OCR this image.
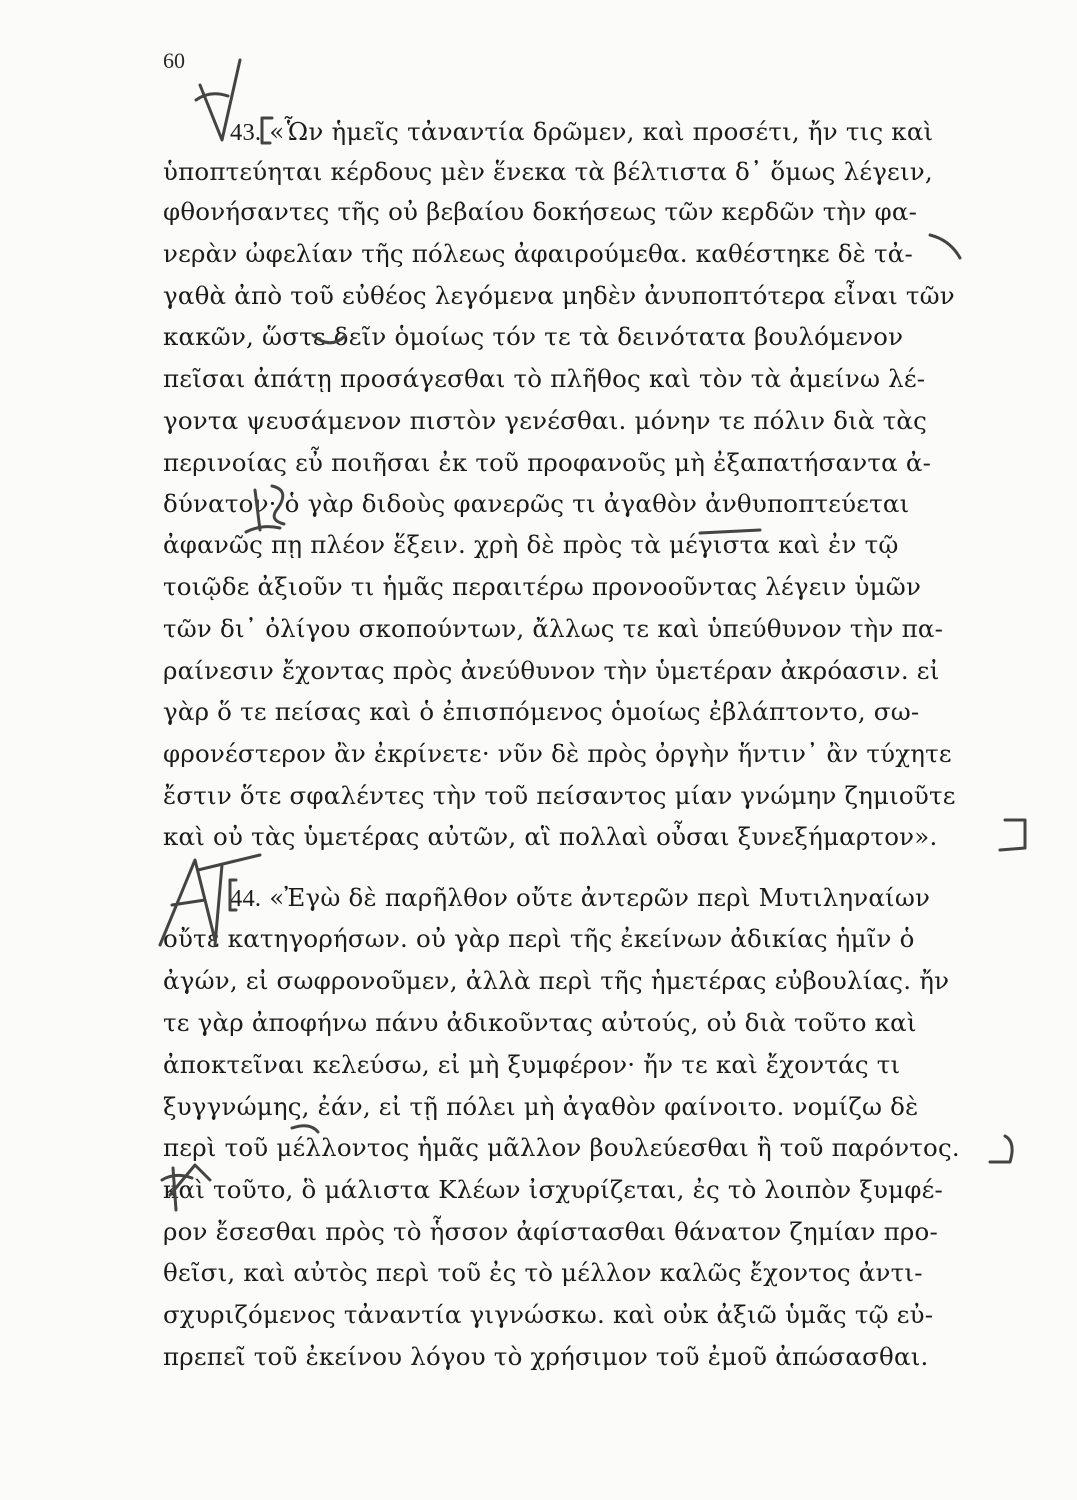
60
43. «Ὧν ἡμεῖς τἀναντία δρῶμεν, καὶ προσέτι, ἤν τις καὶ
ὑποπτεύηται κέρδους μὲν ἕνεκα τὰ βέλτιστα δ᾽ ὅμως λέγειν,
φθονήσαντες τῆς οὐ βεβαίου δοκήσεως τῶν κερδῶν τὴν φα-
νερὰν ὠφελίαν τῆς πόλεως ἀφαιρούμεθα. καθέστηκε δὲ τἀ-
γαθὰ ἀπὸ τοῦ εὐθέος λεγόμενα μηδὲν ἀνυποπτότερα εἶναι τῶν
κακῶν, ὥστε δεῖν ὁμοίως τόν τε τὰ δεινότατα βουλόμενον
πεῖσαι ἀπάτῃ προσάγεσθαι τὸ πλῆθος καὶ τὸν τὰ ἀμείνω λέ-
γοντα ψευσάμενον πιστὸν γενέσθαι. μόνην τε πόλιν διὰ τὰς
περινοίας εὖ ποιῆσαι ἐκ τοῦ προφανοῦς μὴ ἐξαπατήσαντα ἀ-
δύνατον· ὁ γὰρ διδοὺς φανερῶς τι ἀγαθὸν ἀνθυποπτεύεται
ἀφανῶς πῃ πλέον ἕξειν. χρὴ δὲ πρὸς τὰ μέγιστα καὶ ἐν τῷ
τοιῷδε ἀξιοῦν τι ἡμᾶς περαιτέρω προνοοῦντας λέγειν ὑμῶν
τῶν δι᾽ ὀλίγου σκοπούντων, ἄλλως τε καὶ ὑπεύθυνον τὴν πα-
ραίνεσιν ἔχοντας πρὸς ἀνεύθυνον τὴν ὑμετέραν ἀκρόασιν. εἰ
γὰρ ὅ τε πείσας καὶ ὁ ἐπισπόμενος ὁμοίως ἐβλάπτοντο, σω-
φρονέστερον ἂν ἐκρίνετε· νῦν δὲ πρὸς ὀργὴν ἥντιν᾽ ἂν τύχητε
ἔστιν ὅτε σφαλέντες τὴν τοῦ πείσαντος μίαν γνώμην ζημιοῦτε
καὶ οὐ τὰς ὑμετέρας αὐτῶν, αἳ πολλαὶ οὖσαι ξυνεξήμαρτον».
44. «Ἐγὼ δὲ παρῆλθον οὔτε ἀντερῶν περὶ Μυτιληναίων
οὔτε κατηγορήσων. οὐ γὰρ περὶ τῆς ἐκείνων ἀδικίας ἡμῖν ὁ
ἀγών, εἰ σωφρονοῦμεν, ἀλλὰ περὶ τῆς ἡμετέρας εὐβουλίας. ἤν
τε γὰρ ἀποφήνω πάνυ ἀδικοῦντας αὐτούς, οὐ διὰ τοῦτο καὶ
ἀποκτεῖναι κελεύσω, εἰ μὴ ξυμφέρον· ἤν τε καὶ ἔχοντάς τι
ξυγγνώμης, ἐάν, εἰ τῇ πόλει μὴ ἀγαθὸν φαίνοιτο. νομίζω δὲ
περὶ τοῦ μέλλοντος ἡμᾶς μᾶλλον βουλεύεσθαι ἢ τοῦ παρόντος.
καὶ τοῦτο, ὃ μάλιστα Κλέων ἰσχυρίζεται, ἐς τὸ λοιπὸν ξυμφέ-
ρον ἔσεσθαι πρὸς τὸ ἧσσον ἀφίστασθαι θάνατον ζημίαν προ-
θεῖσι, καὶ αὐτὸς περὶ τοῦ ἐς τὸ μέλλον καλῶς ἔχοντος ἀντι-
σχυριζόμενος τἀναντία γιγνώσκω. καὶ οὐκ ἀξιῶ ὑμᾶς τῷ εὐ-
πρεπεῖ τοῦ ἐκείνου λόγου τὸ χρήσιμον τοῦ ἐμοῦ ἀπώσασθαι.
